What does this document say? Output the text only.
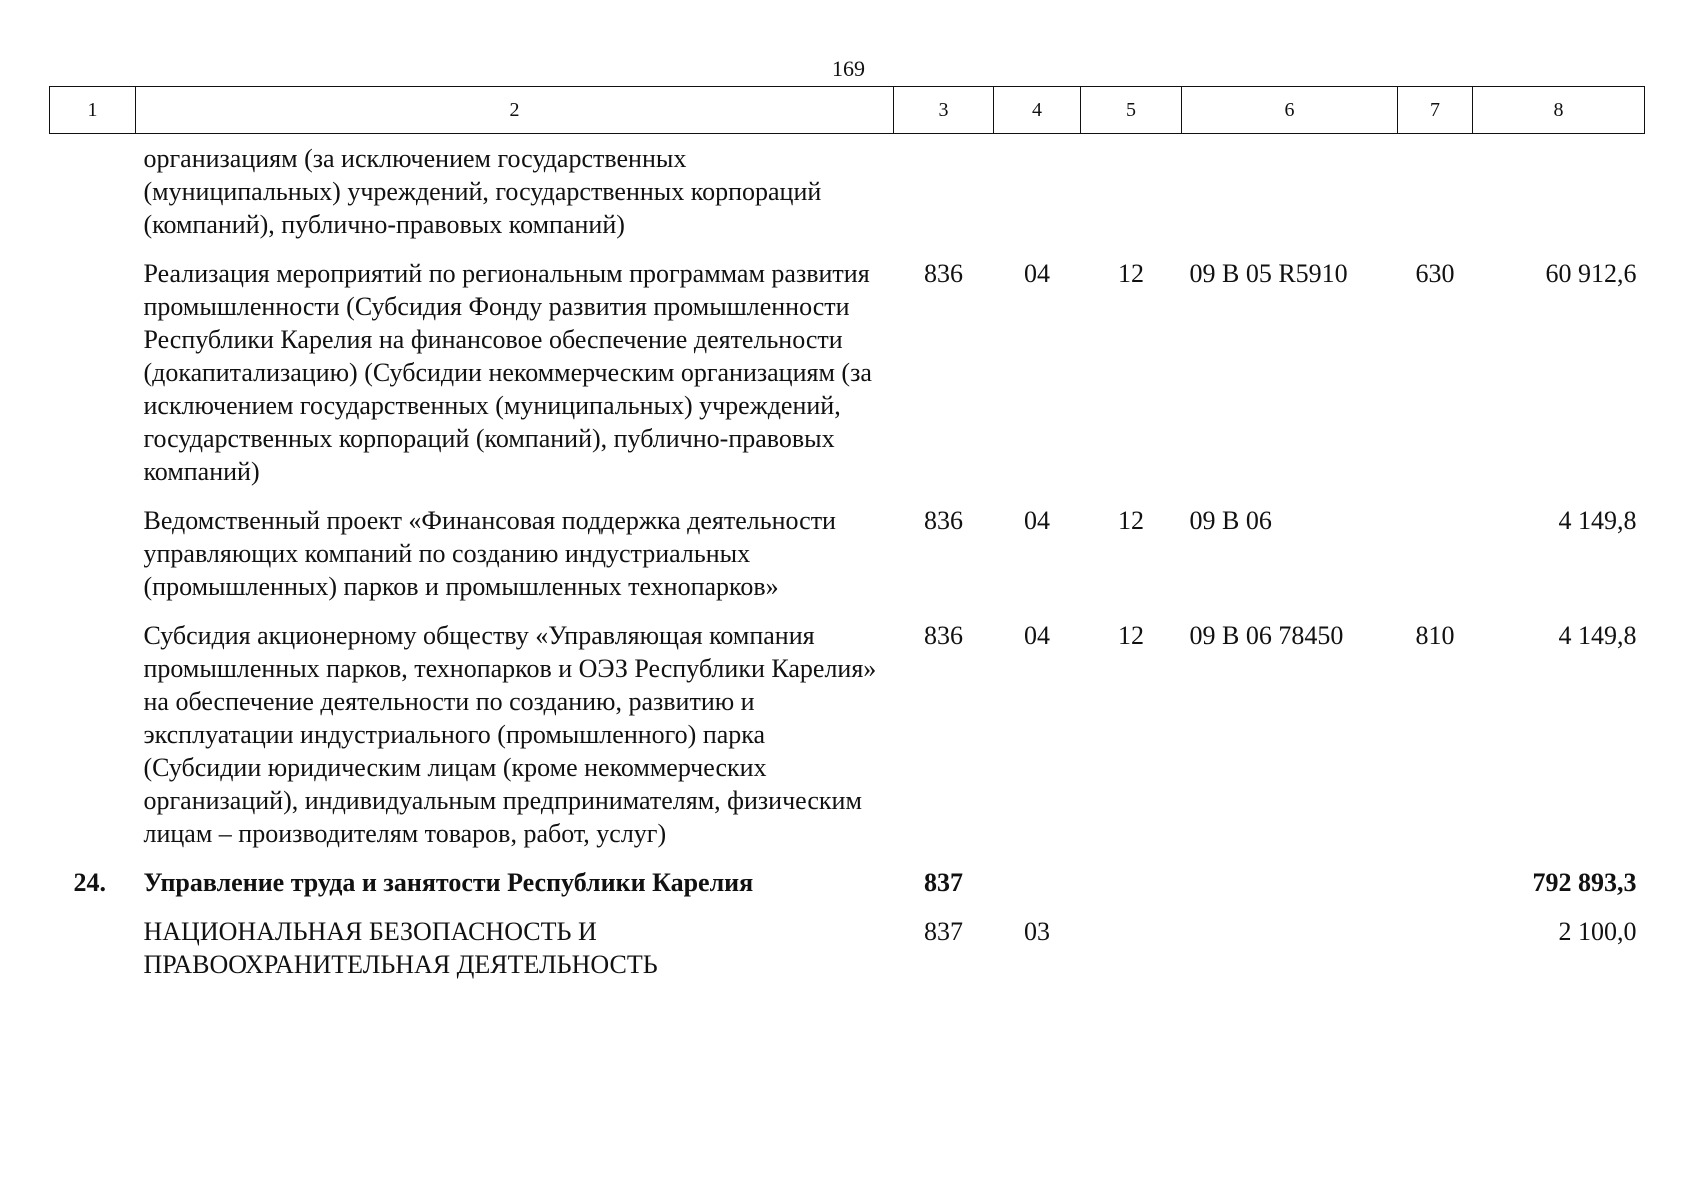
169
1	2	3	4	5	6	7	8
	организациям (за исключением государственных (муниципальных) учреждений, государственных корпораций (компаний), публично-правовых компаний)						
	Реализация мероприятий по региональным программам развития промышленности (Субсидия Фонду развития промышленности Республики Карелия на финансовое обеспечение деятельности (докапитализацию) (Субсидии некоммерческим организациям (за исключением государственных (муниципальных) учреждений, государственных корпораций (компаний), публично-правовых компаний)	836	04	12	09 В 05 R5910	630	60 912,6
	Ведомственный проект «Финансовая поддержка деятельности управляющих компаний по созданию индустриальных (промышленных) парков и промышленных технопарков»	836	04	12	09 В 06		4 149,8
	Субсидия акционерному обществу «Управляющая компания промышленных парков, технопарков и ОЭЗ Республики Карелия» на обеспечение деятельности по созданию, развитию и эксплуатации индустриального (промышленного) парка (Субсидии юридическим лицам (кроме некоммерческих организаций), индивидуальным предпринимателям, физическим лицам – производителям товаров, работ, услуг)	836	04	12	09 В 06 78450	810	4 149,8
24.	Управление труда и занятости Республики Карелия	837					792 893,3
	НАЦИОНАЛЬНАЯ БЕЗОПАСНОСТЬ И ПРАВООХРАНИТЕЛЬНАЯ ДЕЯТЕЛЬНОСТЬ	837	03				2 100,0
